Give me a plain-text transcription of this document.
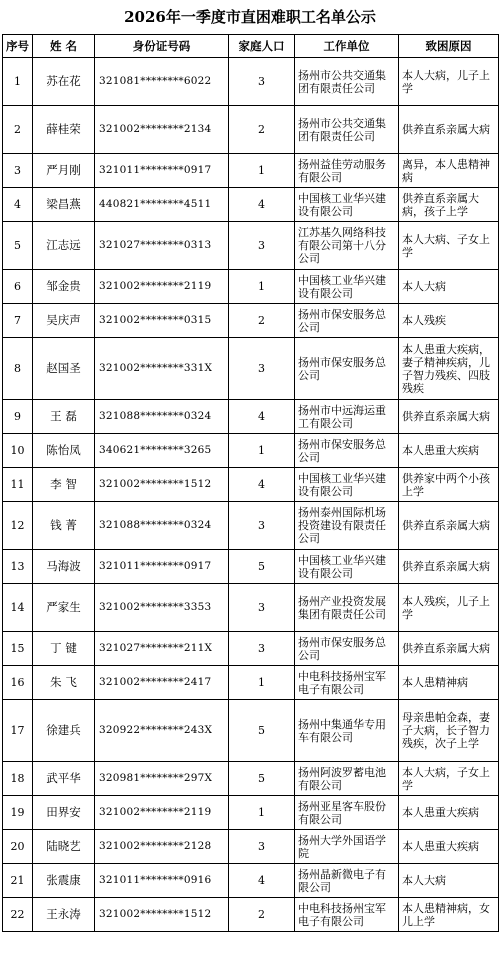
2026年一季度市直困难职工名单公示
序号	姓 名	身份证号码	家庭人口	工作单位	致困原因
1	苏在花	321081********6022	3	扬州市公共交通集团有限责任公司	本人大病，儿子上学
2	薛桂荣	321002********2134	2	扬州市公共交通集团有限责任公司	供养直系亲属大病
3	严月刚	321011********0917	1	扬州益佳劳动服务有限公司	离异，本人患精神病
4	梁昌燕	440821********4511	4	中国核工业华兴建设有限公司	供养直系亲属大病，孩子上学
5	江志远	321027********0313	3	江苏基久网络科技有限公司第十八分公司	本人大病、子女上学
6	邹金贵	321002********2119	1	中国核工业华兴建设有限公司	本人大病
7	吴庆声	321002********0315	2	扬州市保安服务总公司	本人残疾
8	赵国圣	321002********331X	3	扬州市保安服务总公司	本人患重大疾病，妻子精神疾病，儿子智力残疾、四肢残疾
9	王 磊	321088********0324	4	扬州市中远海运重工有限公司	供养直系亲属大病
10	陈怡凤	340621********3265	1	扬州市保安服务总公司	本人患重大疾病
11	李 智	321002********1512	4	中国核工业华兴建设有限公司	供养家中两个小孩上学
12	钱 菁	321088********0324	3	扬州泰州国际机场投资建设有限责任公司	供养直系亲属大病
13	马海波	321011********0917	5	中国核工业华兴建设有限公司	供养直系亲属大病
14	严家生	321002********3353	3	扬州产业投资发展集团有限责任公司	本人残疾，儿子上学
15	丁 键	321027********211X	3	扬州市保安服务总公司	供养直系亲属大病
16	朱 飞	321002********2417	1	中电科技扬州宝军电子有限公司	本人患精神病
17	徐建兵	320922********243X	5	扬州中集通华专用车有限公司	母亲患帕金森，妻子大病，长子智力残疾，次子上学
18	武平华	320981********297X	5	扬州阿波罗蓄电池有限公司	本人大病，子女上学
19	田界安	321002********2119	1	扬州亚星客车股份有限公司	本人患重大疾病
20	陆晓艺	321002********2128	3	扬州大学外国语学院	本人患重大疾病
21	张震康	321011********0916	4	扬州晶新微电子有限公司	本人大病
22	王永涛	321002********1512	2	中电科技扬州宝军电子有限公司	本人患精神病，女儿上学
